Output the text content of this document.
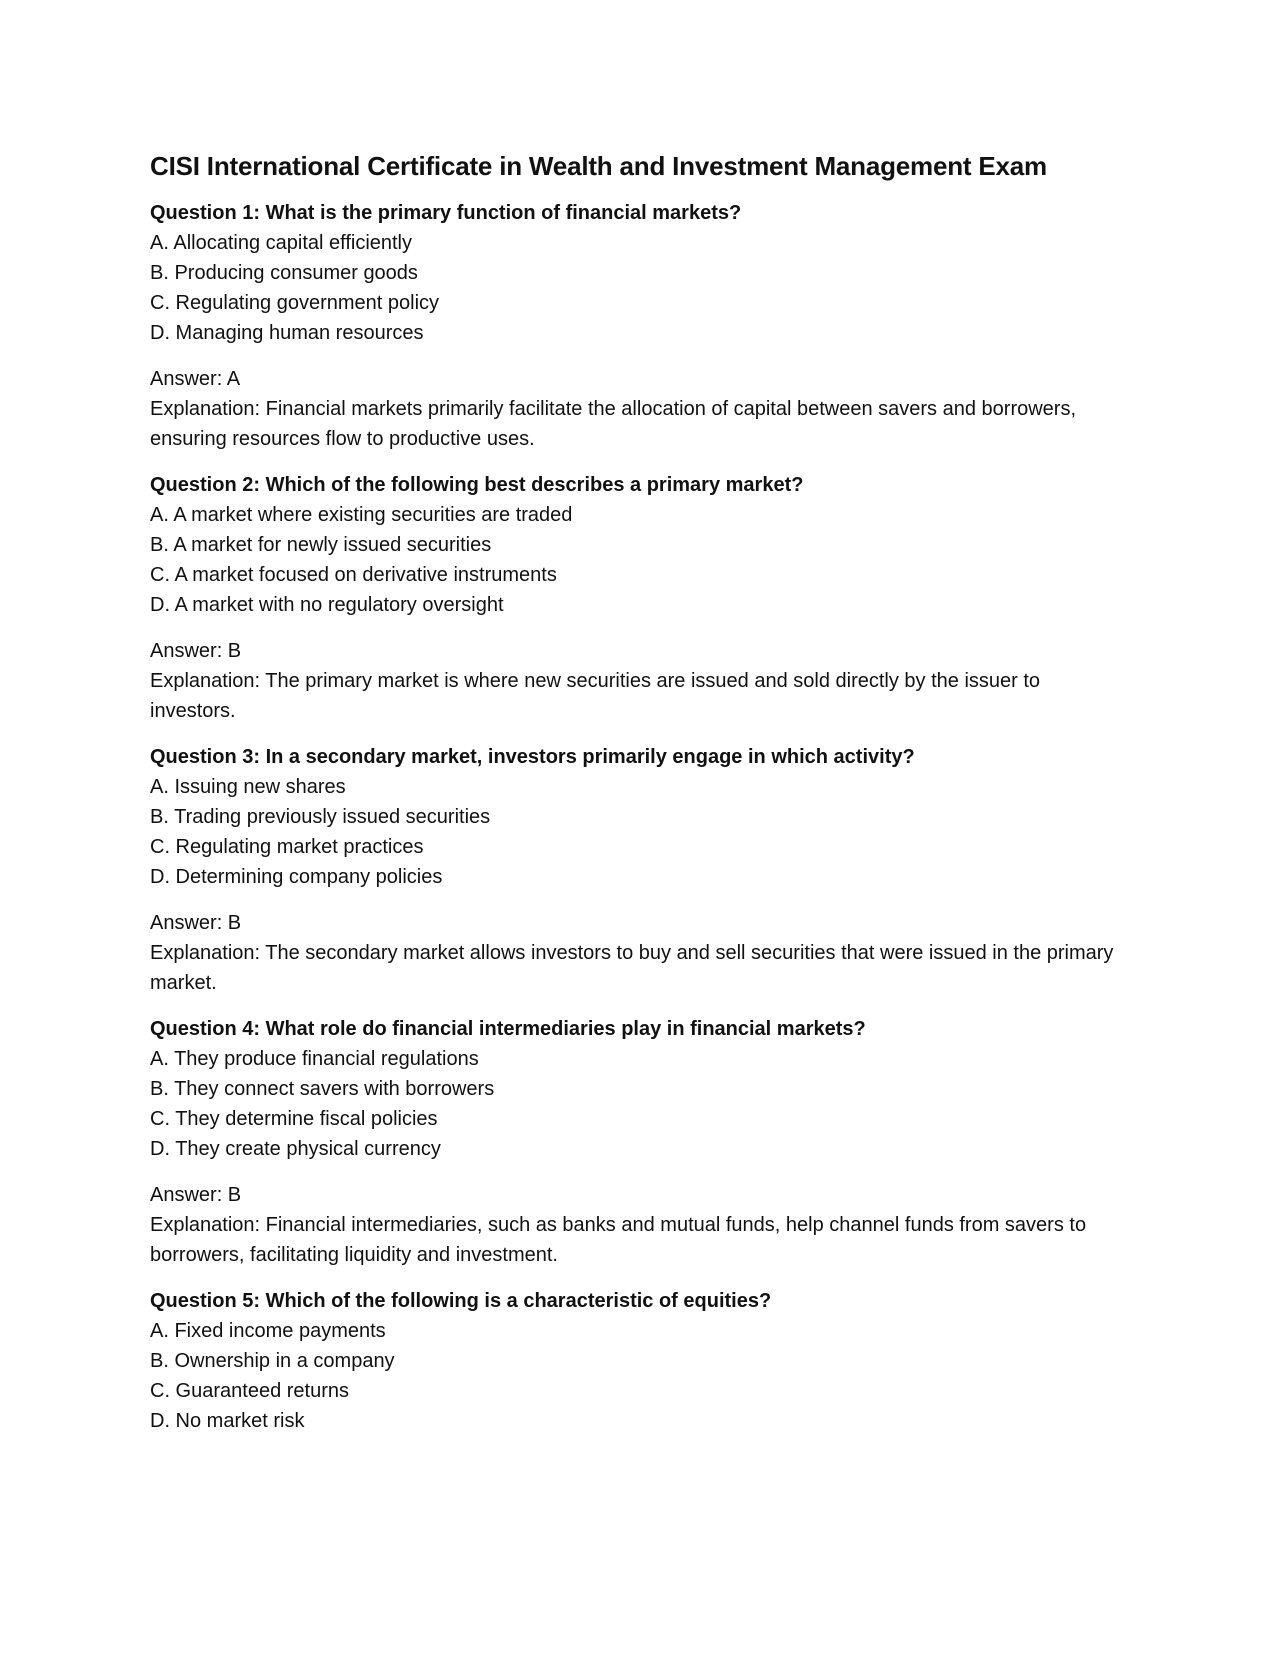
CISI International Certificate in Wealth and Investment Management Exam

Question 1: What is the primary function of financial markets?

A. Allocating capital efficiently

B. Producing consumer goods

C. Regulating government policy

D. Managing human resources

Answer: A

Explanation: Financial markets primarily facilitate the allocation of capital between savers and borrowers, ensuring resources flow to productive uses.

Question 2: Which of the following best describes a primary market?

A. A market where existing securities are traded

B. A market for newly issued securities

C. A market focused on derivative instruments

D. A market with no regulatory oversight

Answer: B

Explanation: The primary market is where new securities are issued and sold directly by the issuer to investors.

Question 3: In a secondary market, investors primarily engage in which activity?

A. Issuing new shares

B. Trading previously issued securities

C. Regulating market practices

D. Determining company policies

Answer: B

Explanation: The secondary market allows investors to buy and sell securities that were issued in the primary market.

Question 4: What role do financial intermediaries play in financial markets?

A. They produce financial regulations

B. They connect savers with borrowers

C. They determine fiscal policies

D. They create physical currency

Answer: B

Explanation: Financial intermediaries, such as banks and mutual funds, help channel funds from savers to borrowers, facilitating liquidity and investment.

Question 5: Which of the following is a characteristic of equities?

A. Fixed income payments

B. Ownership in a company

C. Guaranteed returns

D. No market risk
